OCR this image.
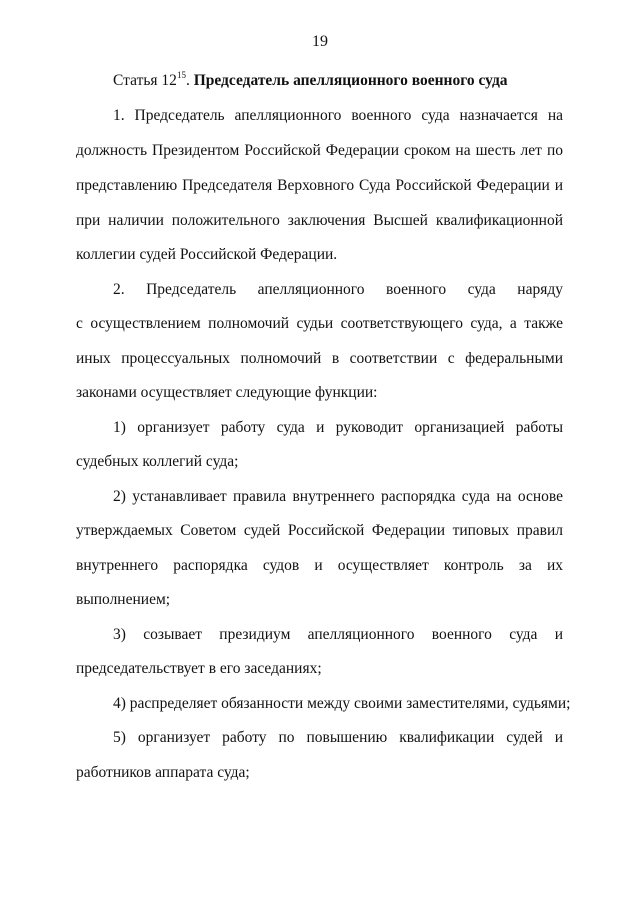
19
Статья $12^{15}$. Председатель апелляционного военного суда
1. Председатель апелляционного военного суда назначается на
должность Президентом Российской Федерации сроком на шесть лет по
представлению Председателя Верховного Суда Российской Федерации и
при наличии положительного заключения Высшей квалификационной
коллегии судей Российской Федерации.
2. Председатель апелляционного военного суда наряду
с осуществлением полномочий судьи соответствующего суда, а также
иных процессуальных полномочий в соответствии с федеральными
законами осуществляет следующие функции:
1) организует работу суда и руководит организацией работы
судебных коллегий суда;
2) устанавливает правила внутреннего распорядка суда на основе
утверждаемых Советом судей Российской Федерации типовых правил
внутреннего распорядка судов и осуществляет контроль за их
выполнением;
3) созывает президиум апелляционного военного суда и
председательствует в его заседаниях;
4) распределяет обязанности между своими заместителями, судьями;
5) организует работу по повышению квалификации судей и
работников аппарата суда;
